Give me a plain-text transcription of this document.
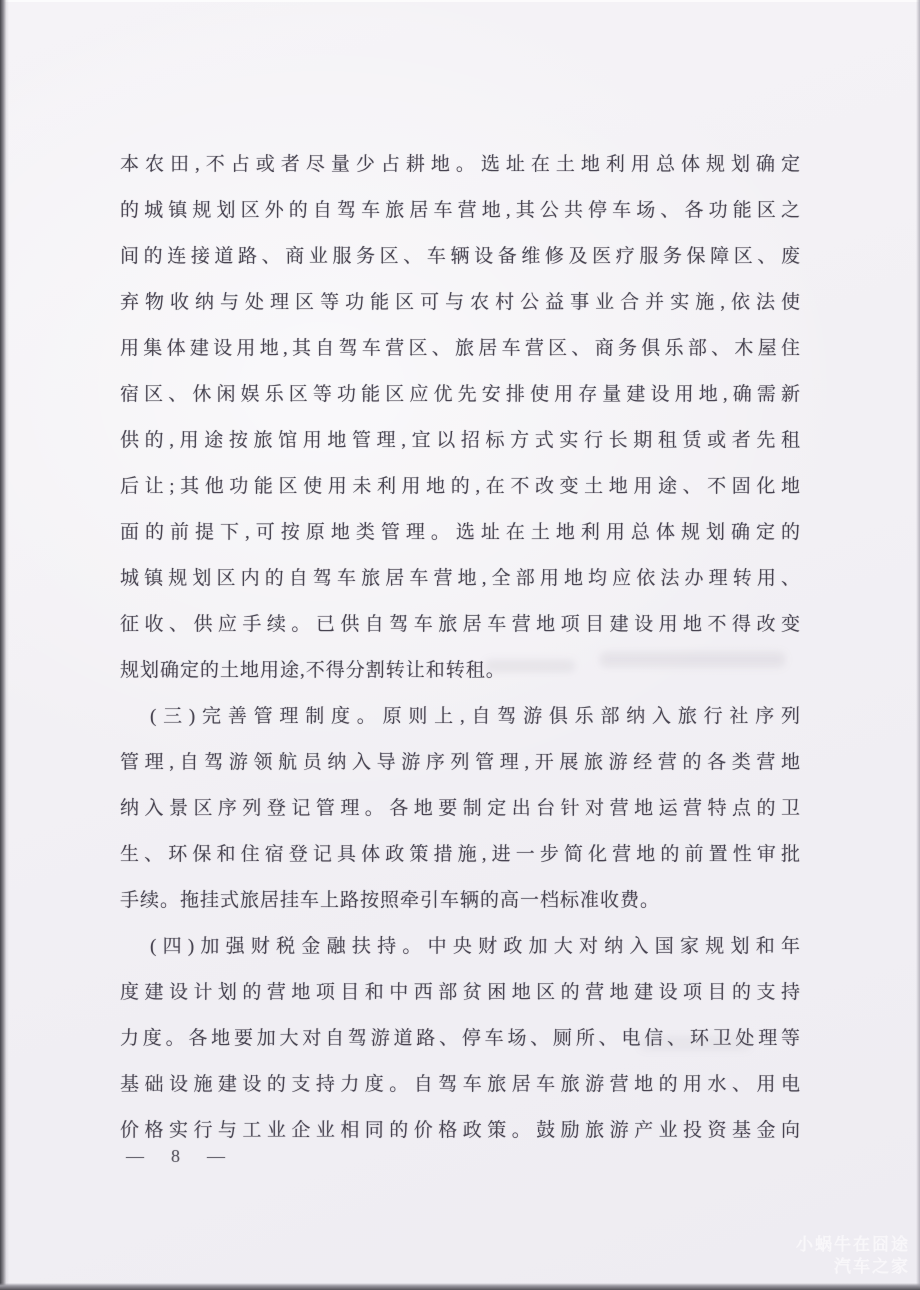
本农田,不占或者尽量少占耕地。选址在土地利用总体规划确定
的城镇规划区外的自驾车旅居车营地,其公共停车场、各功能区之
间的连接道路、商业服务区、车辆设备维修及医疗服务保障区、废
弃物收纳与处理区等功能区可与农村公益事业合并实施,依法使
用集体建设用地,其自驾车营区、旅居车营区、商务俱乐部、木屋住
宿区、休闲娱乐区等功能区应优先安排使用存量建设用地,确需新
供的,用途按旅馆用地管理,宜以招标方式实行长期租赁或者先租
后让;其他功能区使用未利用地的,在不改变土地用途、不固化地
面的前提下,可按原地类管理。选址在土地利用总体规划确定的
城镇规划区内的自驾车旅居车营地,全部用地均应依法办理转用、
征收、供应手续。已供自驾车旅居车营地项目建设用地不得改变
规划确定的土地用途,不得分割转让和转租。
(三)完善管理制度。原则上,自驾游俱乐部纳入旅行社序列
管理,自驾游领航员纳入导游序列管理,开展旅游经营的各类营地
纳入景区序列登记管理。各地要制定出台针对营地运营特点的卫
生、环保和住宿登记具体政策措施,进一步简化营地的前置性审批
手续。拖挂式旅居挂车上路按照牵引车辆的高一档标准收费。
(四)加强财税金融扶持。中央财政加大对纳入国家规划和年
度建设计划的营地项目和中西部贫困地区的营地建设项目的支持
力度。各地要加大对自驾游道路、停车场、厕所、电信、环卫处理等
基础设施建设的支持力度。自驾车旅居车旅游营地的用水、用电
价格实行与工业企业相同的价格政策。鼓励旅游产业投资基金向
—  8  —
小蜗牛在囧途
汽车之家
